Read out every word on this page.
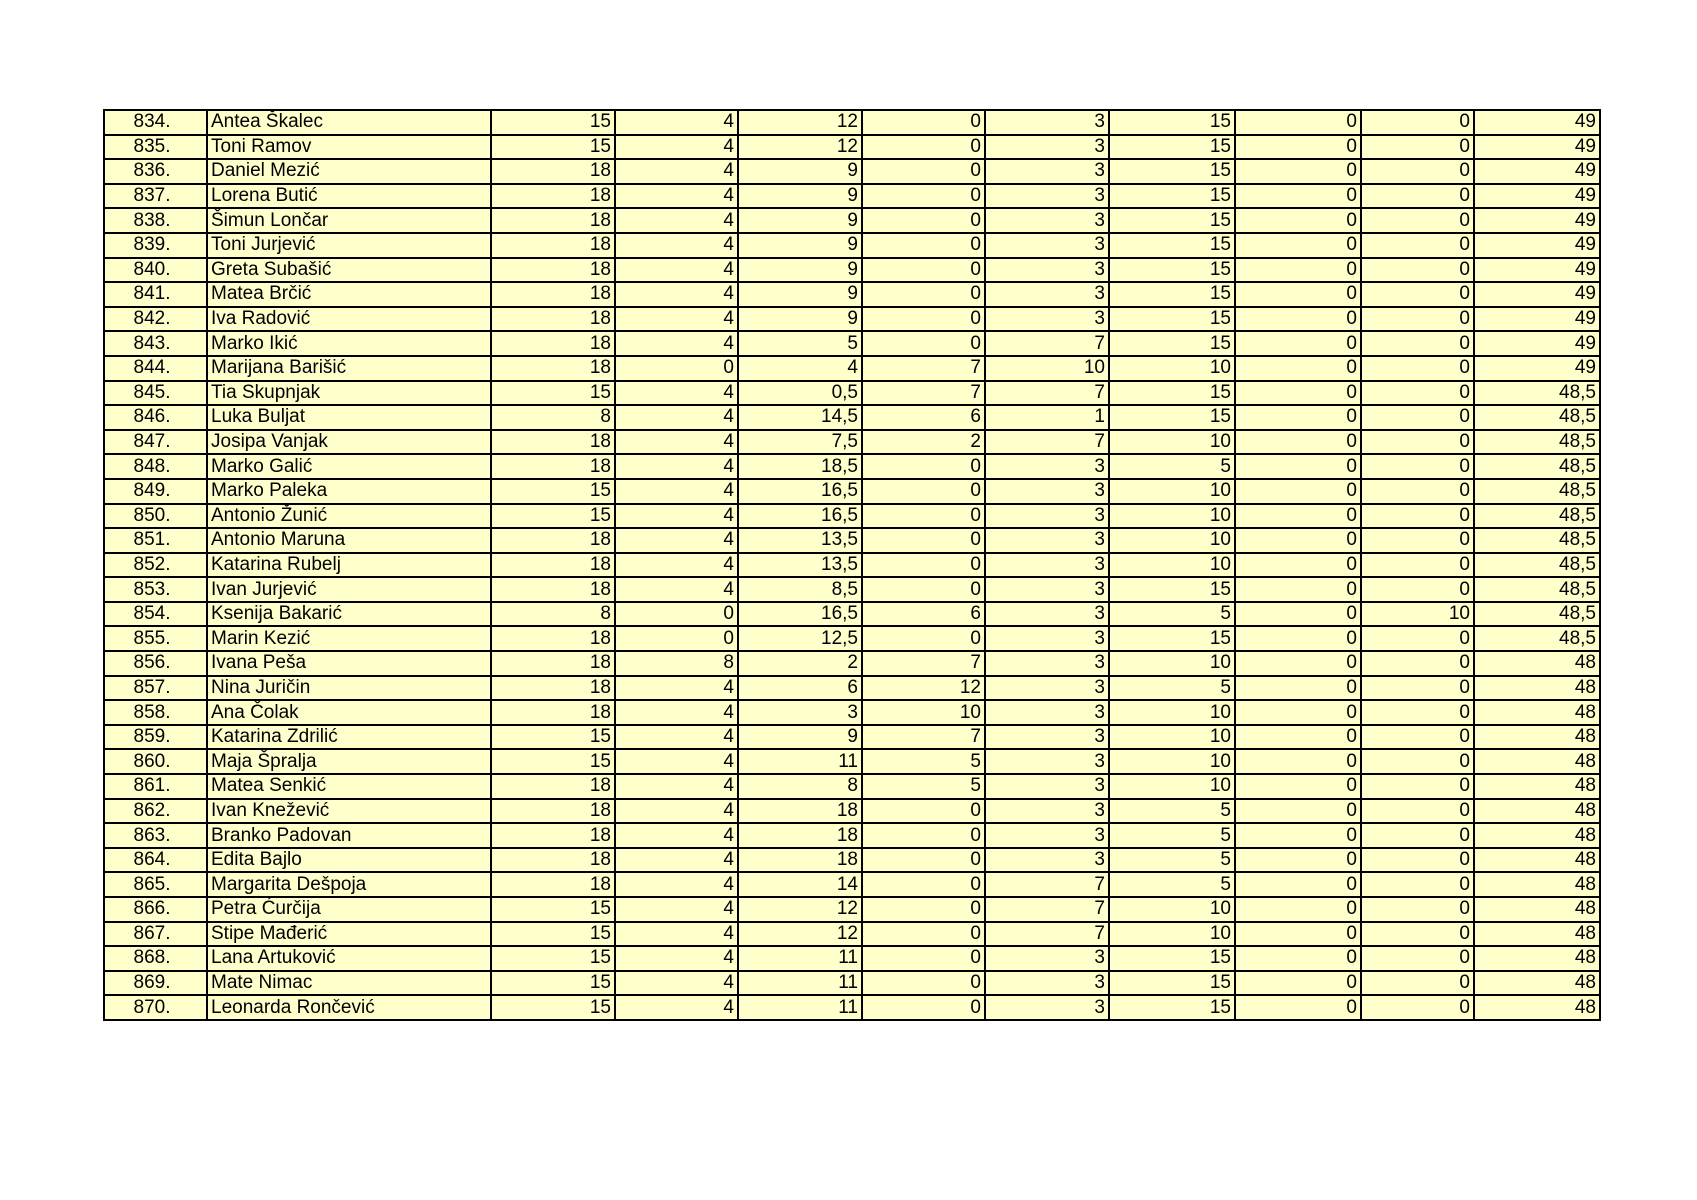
834.	Antea Škalec	15	4	12	0	3	15	0	0	49
835.	Toni Ramov	15	4	12	0	3	15	0	0	49
836.	Daniel Mezić	18	4	9	0	3	15	0	0	49
837.	Lorena Butić	18	4	9	0	3	15	0	0	49
838.	Šimun Lončar	18	4	9	0	3	15	0	0	49
839.	Toni Jurjević	18	4	9	0	3	15	0	0	49
840.	Greta Subašić	18	4	9	0	3	15	0	0	49
841.	Matea Brčić	18	4	9	0	3	15	0	0	49
842.	Iva Radović	18	4	9	0	3	15	0	0	49
843.	Marko Ikić	18	4	5	0	7	15	0	0	49
844.	Marijana Barišić	18	0	4	7	10	10	0	0	49
845.	Tia Skupnjak	15	4	0,5	7	7	15	0	0	48,5
846.	Luka Buljat	8	4	14,5	6	1	15	0	0	48,5
847.	Josipa Vanjak	18	4	7,5	2	7	10	0	0	48,5
848.	Marko Galić	18	4	18,5	0	3	5	0	0	48,5
849.	Marko Paleka	15	4	16,5	0	3	10	0	0	48,5
850.	Antonio Žunić	15	4	16,5	0	3	10	0	0	48,5
851.	Antonio Maruna	18	4	13,5	0	3	10	0	0	48,5
852.	Katarina Rubelj	18	4	13,5	0	3	10	0	0	48,5
853.	Ivan Jurjević	18	4	8,5	0	3	15	0	0	48,5
854.	Ksenija Bakarić	8	0	16,5	6	3	5	0	10	48,5
855.	Marin Kezić	18	0	12,5	0	3	15	0	0	48,5
856.	Ivana Peša	18	8	2	7	3	10	0	0	48
857.	Nina Juričin	18	4	6	12	3	5	0	0	48
858.	Ana Čolak	18	4	3	10	3	10	0	0	48
859.	Katarina Zdrilić	15	4	9	7	3	10	0	0	48
860.	Maja Špralja	15	4	11	5	3	10	0	0	48
861.	Matea Senkić	18	4	8	5	3	10	0	0	48
862.	Ivan Knežević	18	4	18	0	3	5	0	0	48
863.	Branko Padovan	18	4	18	0	3	5	0	0	48
864.	Edita Bajlo	18	4	18	0	3	5	0	0	48
865.	Margarita Dešpoja	18	4	14	0	7	5	0	0	48
866.	Petra Ćurčija	15	4	12	0	7	10	0	0	48
867.	Stipe Mađerić	15	4	12	0	7	10	0	0	48
868.	Lana Artuković	15	4	11	0	3	15	0	0	48
869.	Mate Nimac	15	4	11	0	3	15	0	0	48
870.	Leonarda Rončević	15	4	11	0	3	15	0	0	48
